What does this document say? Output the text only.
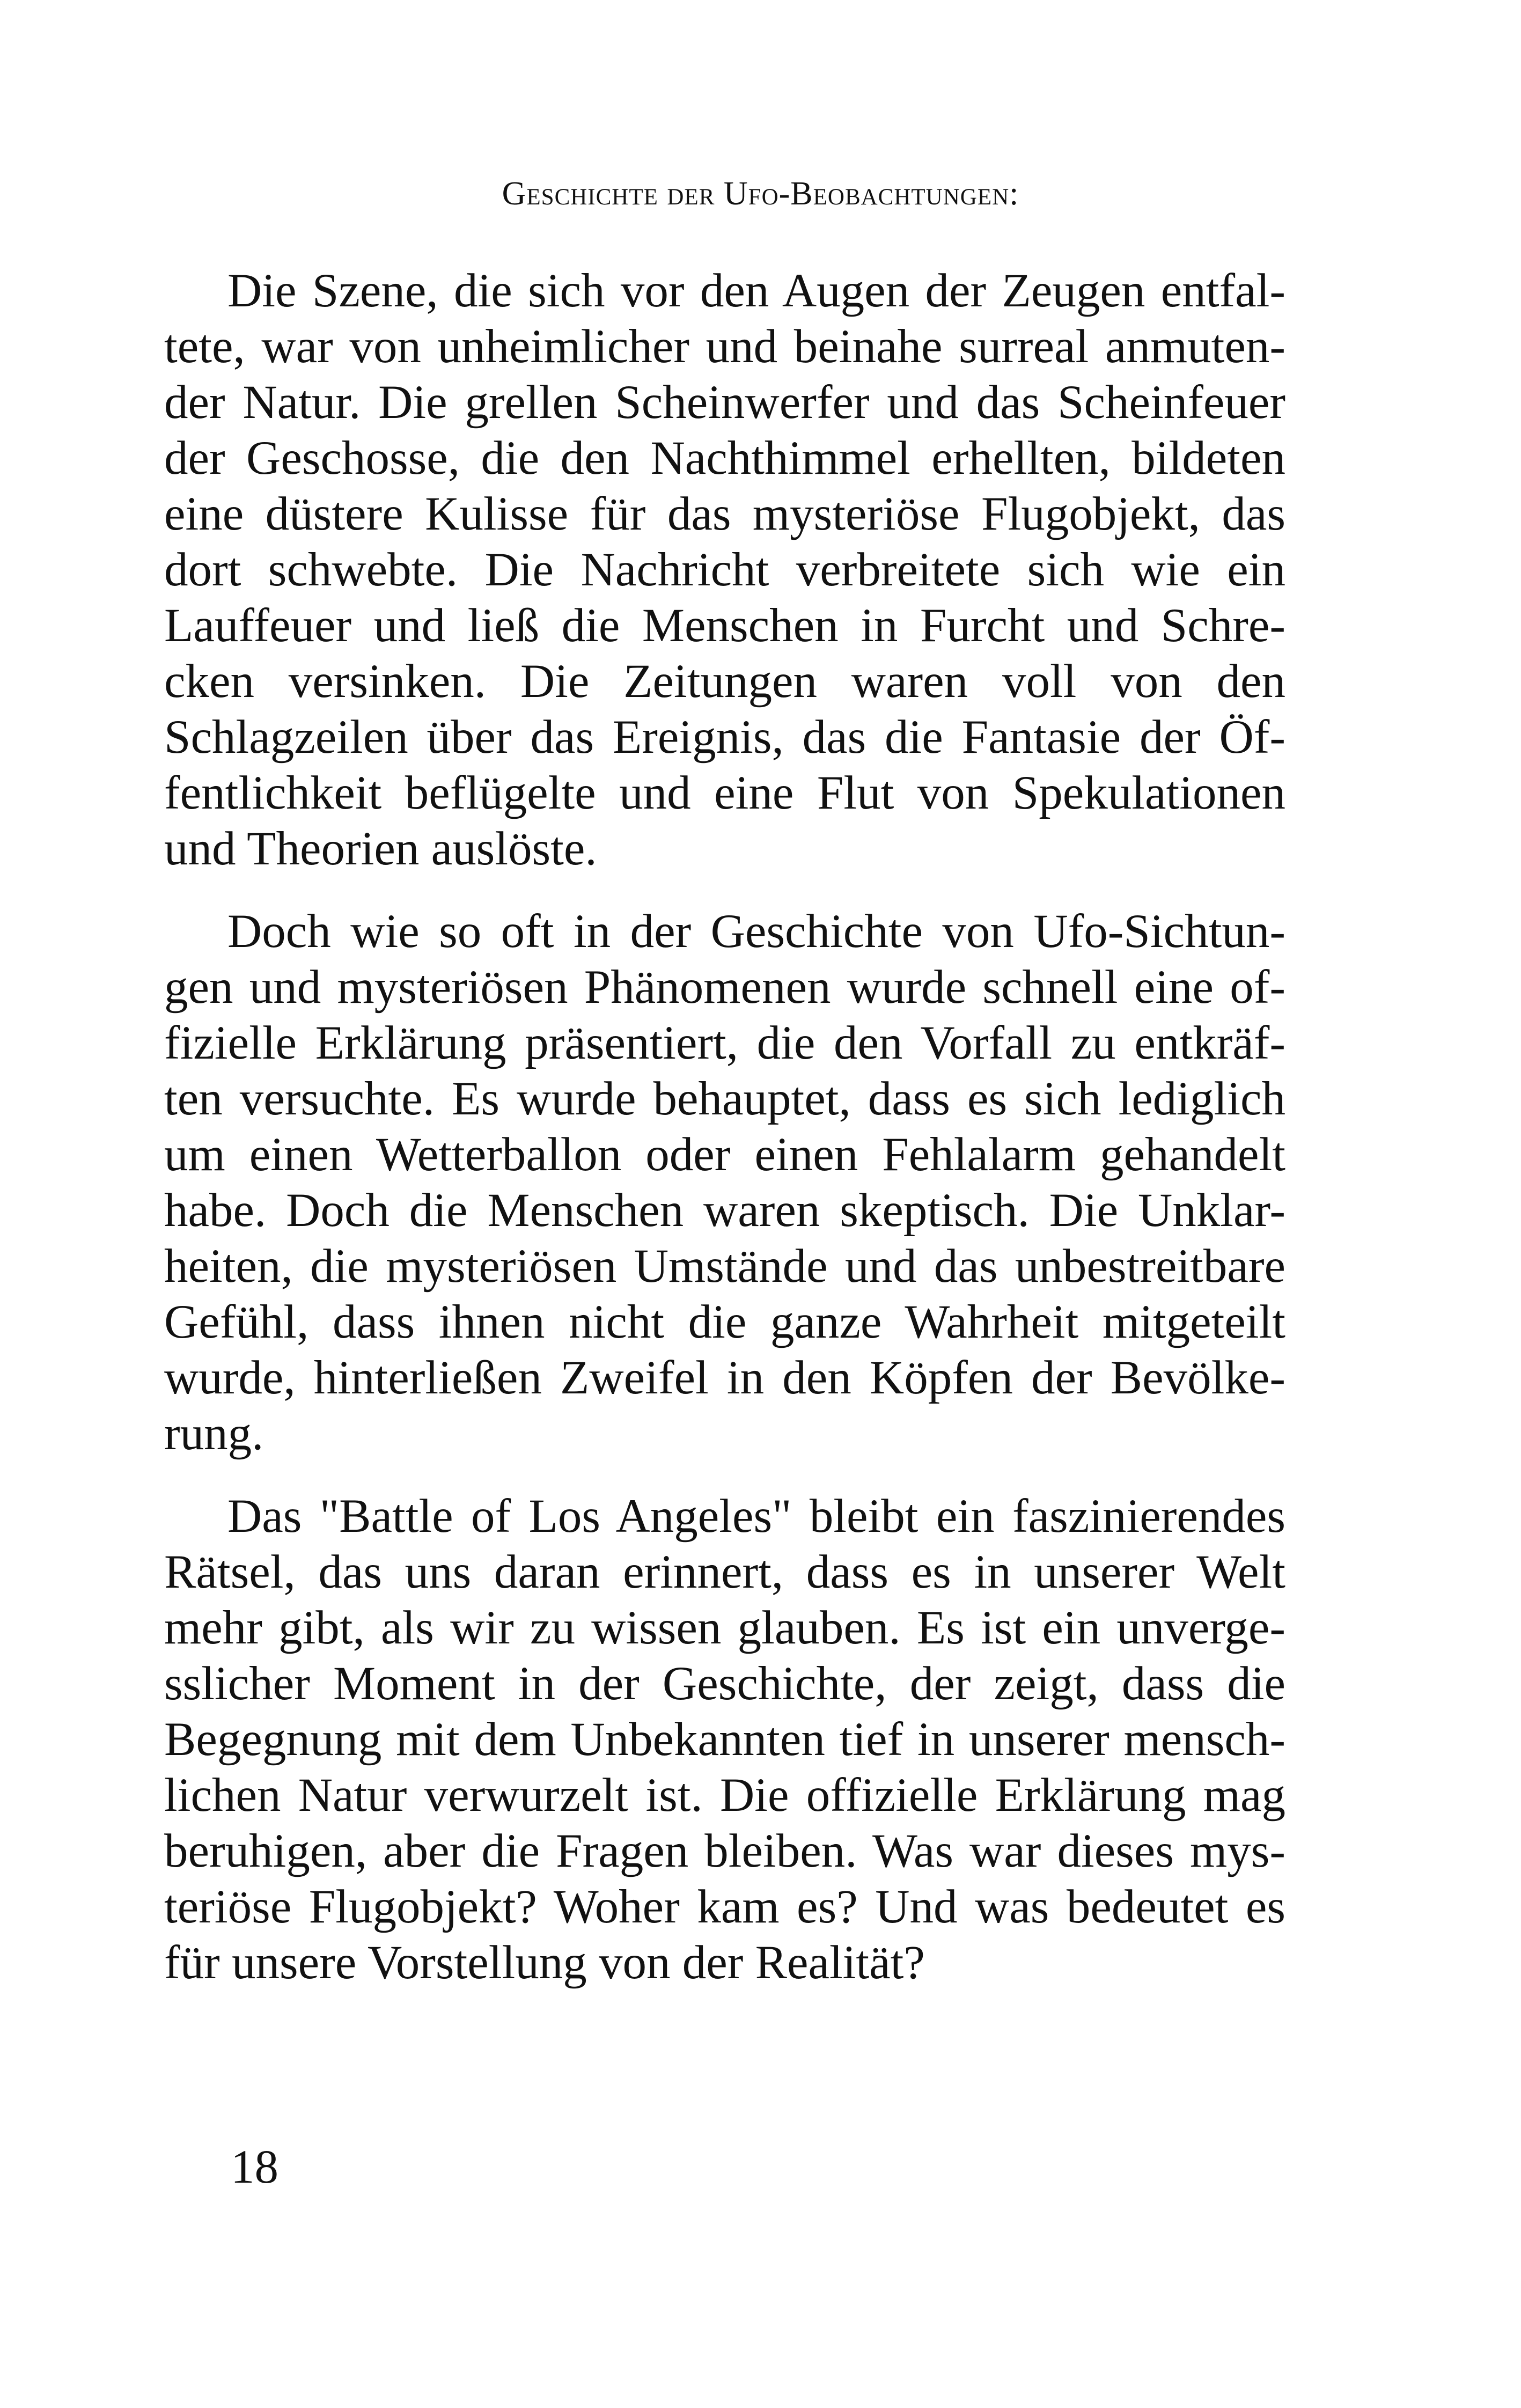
Geschichte der Ufo-Beobachtungen:

Die Szene, die sich vor den Augen der Zeugen entfal-
tete, war von unheimlicher und beinahe surreal anmuten-
der Natur. Die grellen Scheinwerfer und das Scheinfeuer
der Geschosse, die den Nachthimmel erhellten, bildeten
eine düstere Kulisse für das mysteriöse Flugobjekt, das
dort schwebte. Die Nachricht verbreitete sich wie ein
Lauffeuer und ließ die Menschen in Furcht und Schre-
cken versinken. Die Zeitungen waren voll von den
Schlagzeilen über das Ereignis, das die Fantasie der Öf-
fentlichkeit beflügelte und eine Flut von Spekulationen
und Theorien auslöste.

Doch wie so oft in der Geschichte von Ufo-Sichtun-
gen und mysteriösen Phänomenen wurde schnell eine of-
fizielle Erklärung präsentiert, die den Vorfall zu entkräf-
ten versuchte. Es wurde behauptet, dass es sich lediglich
um einen Wetterballon oder einen Fehlalarm gehandelt
habe. Doch die Menschen waren skeptisch. Die Unklar-
heiten, die mysteriösen Umstände und das unbestreitbare
Gefühl, dass ihnen nicht die ganze Wahrheit mitgeteilt
wurde, hinterließen Zweifel in den Köpfen der Bevölke-
rung.

Das "Battle of Los Angeles" bleibt ein faszinierendes
Rätsel, das uns daran erinnert, dass es in unserer Welt
mehr gibt, als wir zu wissen glauben. Es ist ein unverge-
sslicher Moment in der Geschichte, der zeigt, dass die
Begegnung mit dem Unbekannten tief in unserer mensch-
lichen Natur verwurzelt ist. Die offizielle Erklärung mag
beruhigen, aber die Fragen bleiben. Was war dieses mys-
teriöse Flugobjekt? Woher kam es? Und was bedeutet es
für unsere Vorstellung von der Realität?

18
